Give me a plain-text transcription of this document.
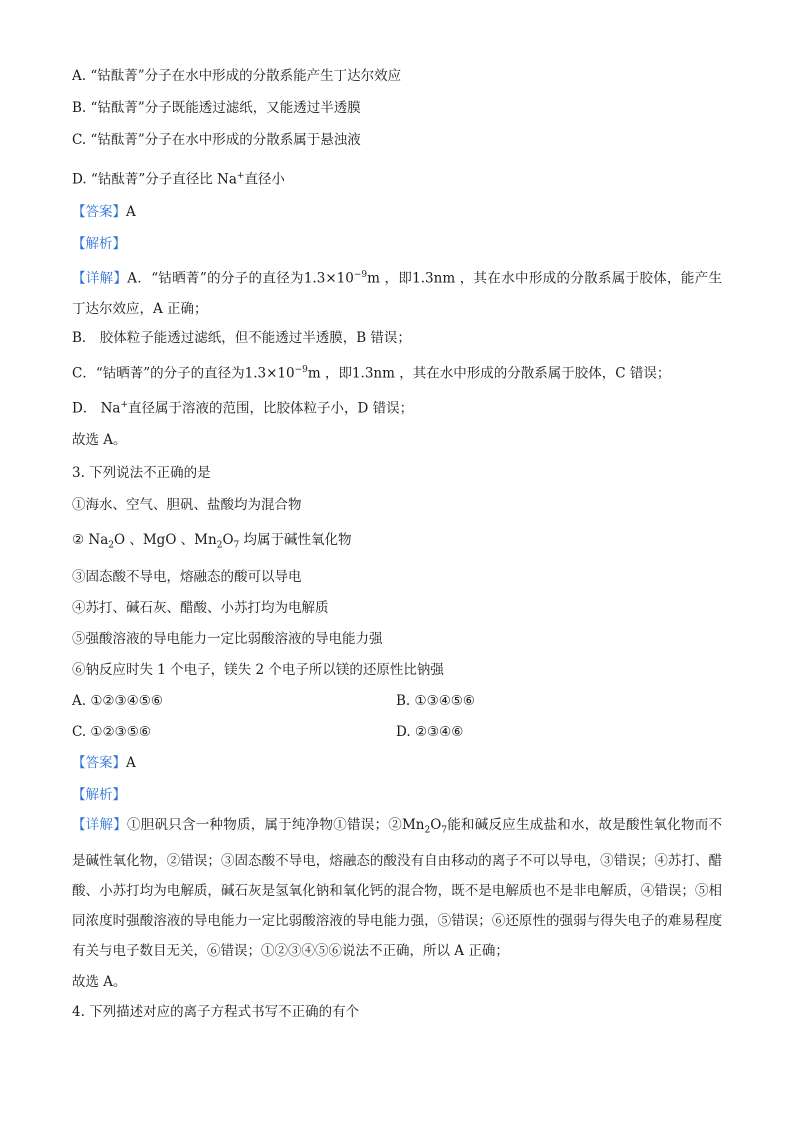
A. “钴酞菁”分子在水中形成的分散系能产生丁达尔效应
B. “钴酞菁”分子既能透过滤纸，又能透过半透膜
C. “钴酞菁”分子在水中形成的分散系属于悬浊液
D. “钴酞菁”分子直径比 Na+直径小
【答案】A
【解析】
【详解】A．“钴晒菁”的分子的直径为$1.3\times 10^{-9}m$ ，即1.3nm ，其在水中形成的分散系属于胶体，能产生丁达尔效应，A 正确；
B． 胶体粒子能透过滤纸，但不能透过半透膜，B 错误；
C．“钴晒菁”的分子的直径为$1.3\times 10^{-9}m$ ，即1.3nm ，其在水中形成的分散系属于胶体，C 错误；
D． Na+直径属于溶液的范围，比胶体粒子小，D 错误；
故选 A。
3. 下列说法不正确的是
①海水、空气、胆矾、盐酸均为混合物
② $Na_2O$ 、MgO 、$Mn_2O_7$ 均属于碱性氧化物
③固态酸不导电，熔融态的酸可以导电
④苏打、碱石灰、醋酸、小苏打均为电解质
⑤强酸溶液的导电能力一定比弱酸溶液的导电能力强
⑥钠反应时失 1 个电子，镁失 2 个电子所以镁的还原性比钠强
A. ①②③④⑤⑥	B. ①③④⑤⑥
C. ①②③⑤⑥	D. ②③④⑥
【答案】A
【解析】
【详解】①胆矾只含一种物质，属于纯净物①错误；$②Mn_2O_7$能和碱反应生成盐和水，故是酸性氧化物而不是碱性氧化物，②错误；③固态酸不导电，熔融态的酸没有自由移动的离子不可以导电，③错误；④苏打、醋酸、小苏打均为电解质，碱石灰是氢氧化钠和氧化钙的混合物，既不是电解质也不是非电解质，④错误；⑤相同浓度时强酸溶液的导电能力一定比弱酸溶液的导电能力强，⑤错误；⑥还原性的强弱与得失电子的难易程度有关与电子数目无关，⑥错误；①②③④⑤⑥说法不正确，所以 A 正确；
故选 A。
4. 下列描述对应的离子方程式书写不正确的有个
